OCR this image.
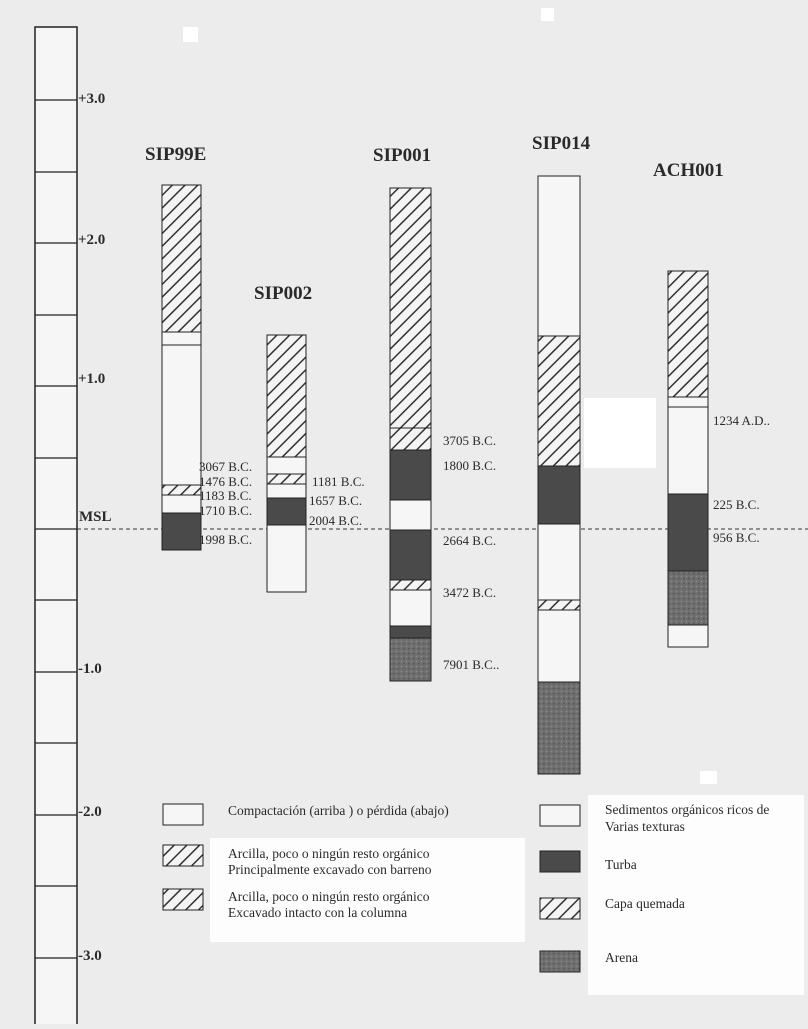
+3.0
+2.0
+1.0
MSL
-1.0
-2.0
-3.0
SIP99E
SIP002
SIP001
SIP014
ACH001
3067 B.C.
1476 B.C.
1183 B.C.
1710 B.C.
1998 B.C.
1181 B.C.
1657 B.C.
2004 B.C.
3705 B.C.
1800 B.C.
2664 B.C.
3472 B.C.
7901 B.C..
1234 A.D..
225 B.C.
956 B.C.
Compactación (arriba ) o pérdida (abajo)
Arcilla, poco o ningún resto orgánico
Principalmente excavado con barreno
Arcilla, poco o ningún resto orgánico
Excavado intacto con la columna
Sedimentos orgánicos ricos de
Varias texturas
Turba
Capa quemada
Arena
